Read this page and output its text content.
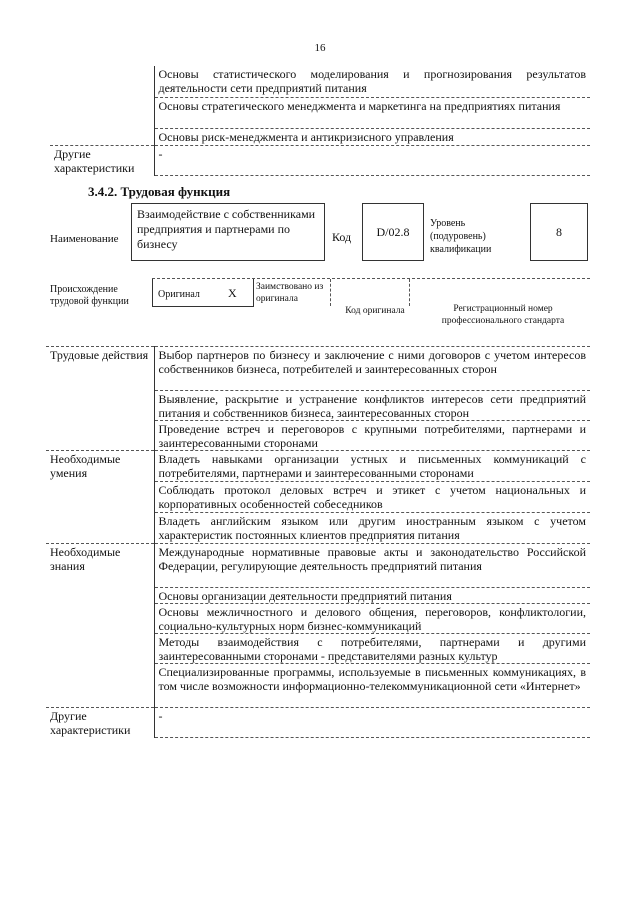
16
	Основы статистического моделирования и прогнозирования результатов деятельности сети предприятий питания
	Основы стратегического менеджмента и маркетинга на предприятиях питания
	Основы риск-менеджмента и антикризисного управления
Другие характеристики	-
3.4.2. Трудовая функция
Наименование
Взаимодействие с собственниками предприятия и партнерами по бизнесу	Код	D/02.8
Уровень (подуровень) квалификации
8
Происхождение трудовой функции
Оригинал X Заимствовано из оригинала
Код оригинала	Регистрационный номер профессионального стандарта
Трудовые действия	Выбор партнеров по бизнесу и заключение с ними договоров с учетом интересов собственников бизнеса, потребителей и заинтересованных сторон
	Выявление, раскрытие и устранение конфликтов интересов сети предприятий питания и собственников бизнеса, заинтересованных сторон
	Проведение встреч и переговоров с крупными потребителями, партнерами и заинтересованными сторонами
Необходимые умения	Владеть навыками организации устных и письменных коммуникаций с потребителями, партнерами и заинтересованными сторонами
	Соблюдать протокол деловых встреч и этикет с учетом национальных и корпоративных особенностей собеседников
	Владеть английским языком или другим иностранным языком с учетом характеристик постоянных клиентов предприятия питания
Необходимые знания	Международные нормативные правовые акты и законодательство Российской Федерации, регулирующие деятельность предприятий питания
	Основы организации деятельности предприятий питания
	Основы межличностного и делового общения, переговоров, конфликтологии, социально-культурных норм бизнес-коммуникаций
	Методы взаимодействия с потребителями, партнерами и другими заинтересованными сторонами - представителями разных культур
	Специализированные программы, используемые в письменных коммуникациях, в том числе возможности информационно-телекоммуникационной сети «Интернет»
Другие характеристики	-
